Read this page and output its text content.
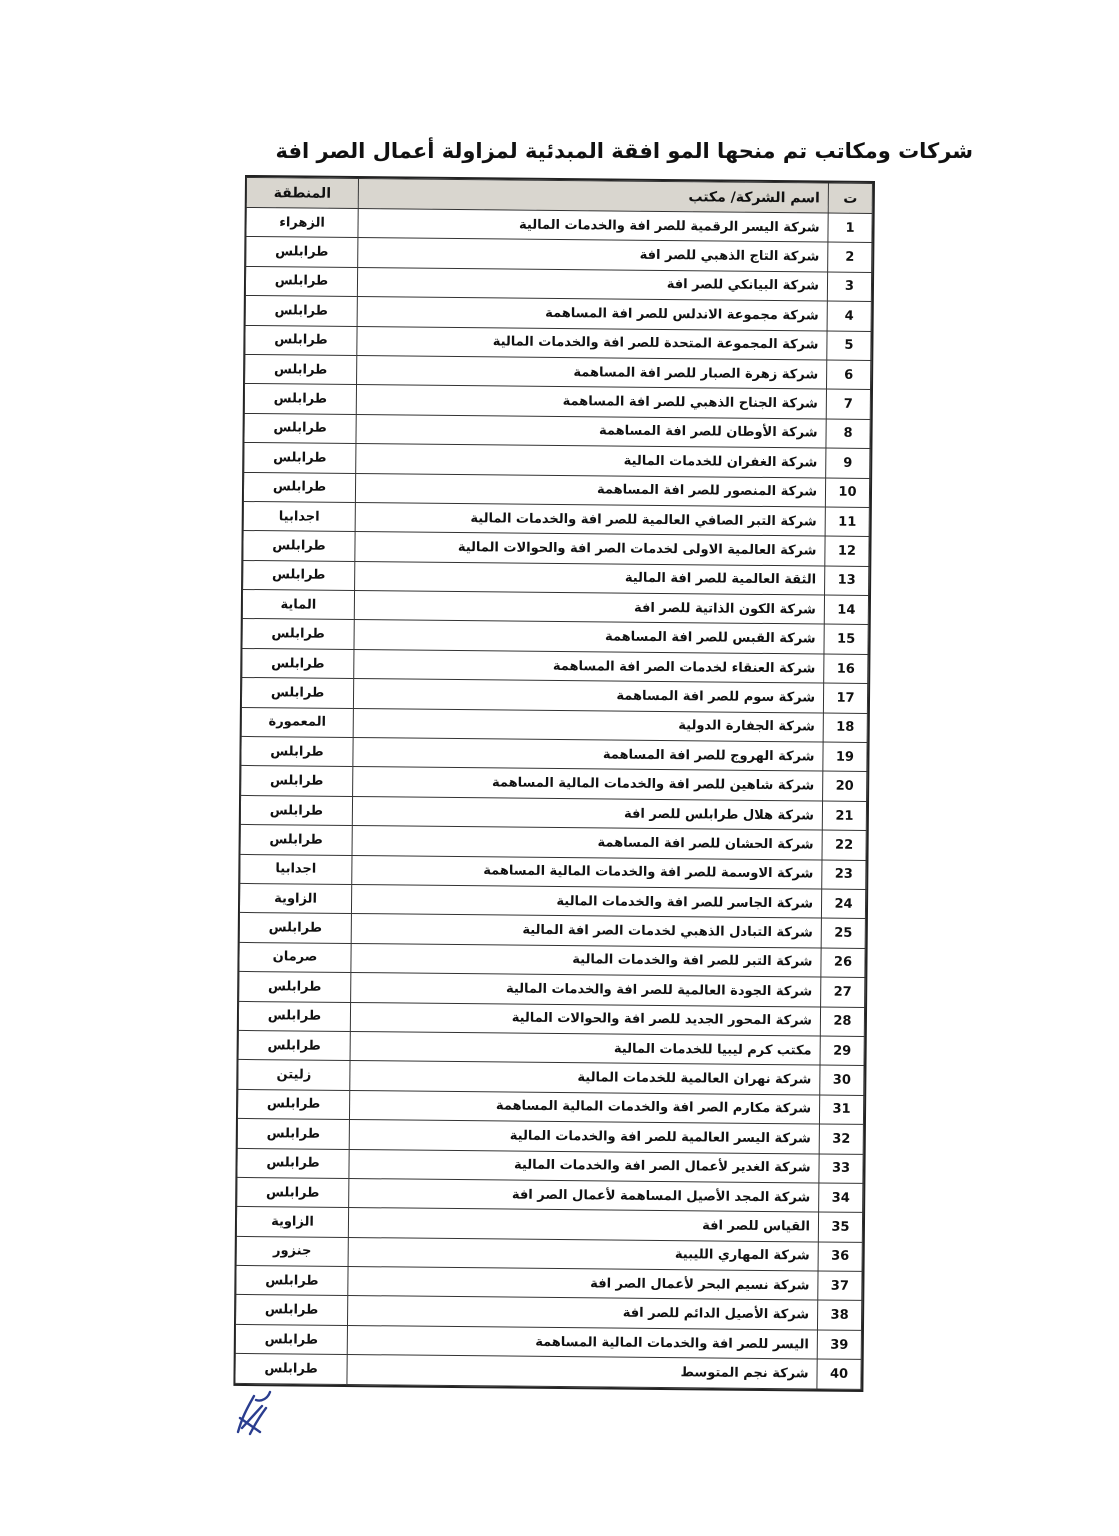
شركات ومكاتب تم منحها المو افقة المبدئية لمزاولة أعمال الصر افة
ت	اسم الشركة/ مكتب	المنطقة
1	شركة اليسر الرقمية للصر افة والخدمات المالية	الزهراء
2	شركة التاج الذهبي للصر افة	طرابلس
3	شركة البيانكي للصر افة	طرابلس
4	شركة مجموعة الاندلس للصر افة المساهمة	طرابلس
5	شركة المجموعة المتحدة للصر افة والخدمات المالية	طرابلس
6	شركة زهرة الصبار للصر افة المساهمة	طرابلس
7	شركة الجناح الذهبي للصر افة المساهمة	طرابلس
8	شركة الأوطان للصر افة المساهمة	طرابلس
9	شركة الغفران للخدمات المالية	طرابلس
10	شركة المنصور للصر افة المساهمة	طرابلس
11	شركة التبر الصافي العالمية للصر افة والخدمات المالية	اجدابيا
12	شركة العالمية الاولى لخدمات الصر افة والحوالات المالية	طرابلس
13	الثقة العالمية للصر افة المالية	طرابلس
14	شركة الكون الذاتية للصر افة	الماية
15	شركة القبس للصر افة المساهمة	طرابلس
16	شركة العنقاء لخدمات الصر افة المساهمة	طرابلس
17	شركة سوم للصر افة المساهمة	طرابلس
18	شركة الجفارة الدولية	المعمورة
19	شركة الهروج للصر افة المساهمة	طرابلس
20	شركة شاهين للصر افة والخدمات المالية المساهمة	طرابلس
21	شركة هلال طرابلس للصر افة	طرابلس
22	شركة الحشان للصر افة المساهمة	طرابلس
23	شركة الاوسمة للصر افة والخدمات المالية المساهمة	اجدابيا
24	شركة الجاسر للصر افة والخدمات المالية	الزاوية
25	شركة التبادل الذهبي لخدمات الصر افة المالية	طرابلس
26	شركة التبر للصر افة والخدمات المالية	صرمان
27	شركة الجودة العالمية للصر افة والخدمات المالية	طرابلس
28	شركة المحور الجديد للصر افة والحوالات المالية	طرابلس
29	مكتب كرم ليبيا للخدمات المالية	طرابلس
30	شركة نهران العالمية للخدمات المالية	زليتن
31	شركة مكارم الصر افة والخدمات المالية المساهمة	طرابلس
32	شركة اليسر العالمية للصر افة والخدمات المالية	طرابلس
33	شركة الغدير لأعمال الصر افة والخدمات المالية	طرابلس
34	شركة المجد الأصيل المساهمة لأعمال الصر افة	طرابلس
35	القياس للصر افة	الزاوية
36	شركة المهاري الليبية	جنزور
37	شركة نسيم البحر لأعمال الصر افة	طرابلس
38	شركة الأصيل الدائم للصر افة	طرابلس
39	اليسر للصر افة والخدمات المالية المساهمة	طرابلس
40	شركة نجم المتوسط	طرابلس
